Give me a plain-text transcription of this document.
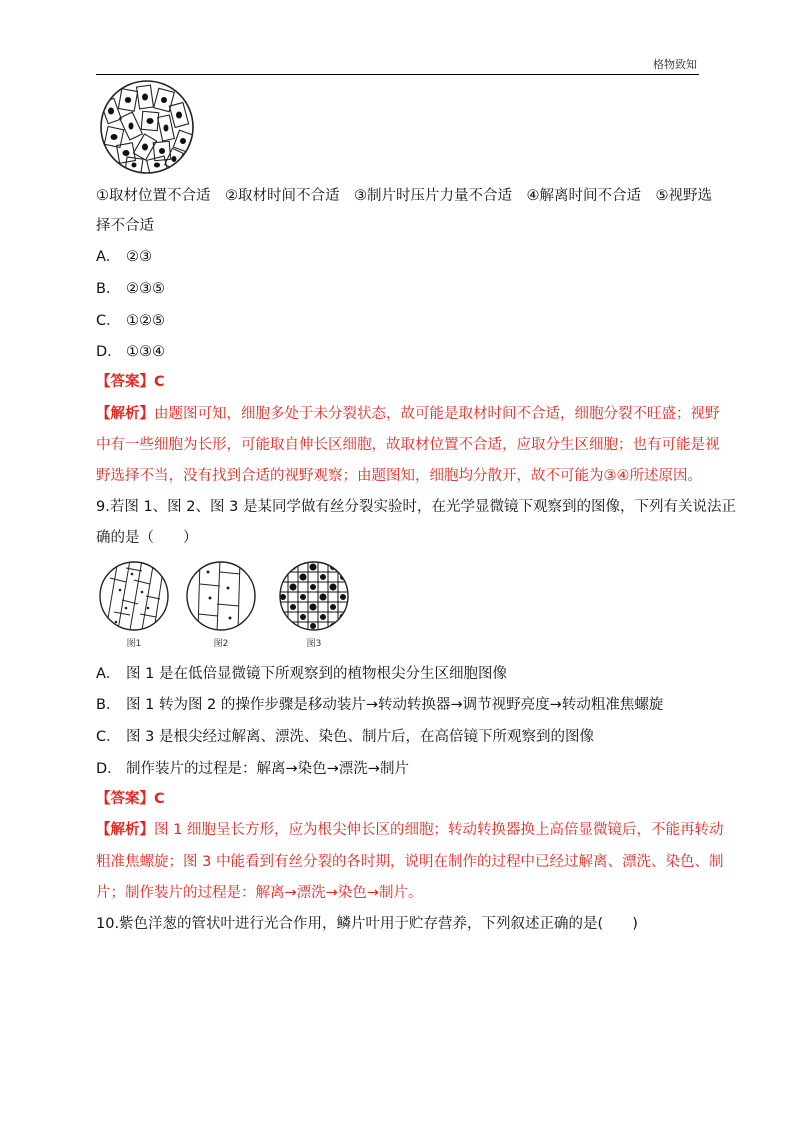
格物致知
①取材位置不合适　②取材时间不合适　③制片时压片力量不合适　④解离时间不合适　⑤视野选
择不合适
A． ②③
B． ②③⑤
C． ①②⑤
D． ①③④
【答案】C
【解析】由题图可知，细胞多处于未分裂状态，故可能是取材时间不合适，细胞分裂不旺盛；视野
中有一些细胞为长形，可能取自伸长区细胞，故取材位置不合适，应取分生区细胞；也有可能是视
野选择不当，没有找到合适的视野观察；由题图知，细胞均分散开，故不可能为③④所述原因。
9.若图 1、图 2、图 3 是某同学做有丝分裂实验时，在光学显微镜下观察到的图像，下列有关说法正
确的是（　　）
图1	图2	图3
A． 图 1 是在低倍显微镜下所观察到的植物根尖分生区细胞图像
B． 图 1 转为图 2 的操作步骤是移动装片→转动转换器→调节视野亮度→转动粗准焦螺旋
C． 图 3 是根尖经过解离、漂洗、染色、制片后，在高倍镜下所观察到的图像
D． 制作装片的过程是：解离→染色→漂洗→制片
【答案】C
【解析】图 1 细胞呈长方形，应为根尖伸长区的细胞；转动转换器换上高倍显微镜后，不能再转动
粗准焦螺旋；图 3 中能看到有丝分裂的各时期，说明在制作的过程中已经过解离、漂洗、染色、制
片；制作装片的过程是：解离→漂洗→染色→制片。
10.紫色洋葱的管状叶进行光合作用，鳞片叶用于贮存营养，下列叙述正确的是(　　)
